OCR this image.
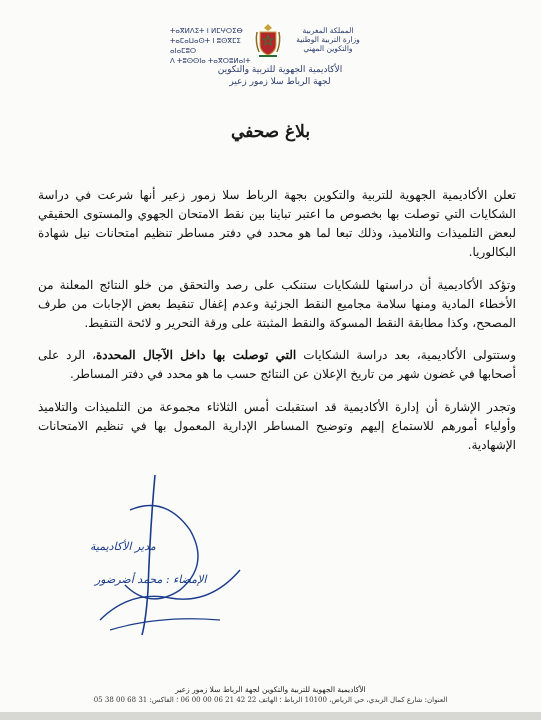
ⵜⴰⴳⵍⴷⵉⵜ ⵏ ⵍⵎⵖⵔⵉⴱ
ⵜⴰⵎⴰⵡⴰⵙⵜ ⵏ ⵓⵙⴳⵎⵉ ⴰⵏⴰⵎⵓⵔ
ⴷ ⵜⵓⵙⵙⵏⴰ ⵜⴰⴳⵔⵓⵍⴰⵏⵜ
المملكة المغربية
وزارة التربية الوطنية
والتكوين المهني
الأكاديمية الجهوية للتربية والتكوين
لجهة الرباط سلا زمور زعير
بلاغ صحفي
تعلن الأكاديمية الجهوية للتربية والتكوين بجهة الرباط سلا زمور زعير أنها شرعت في دراسة الشكايات التي توصلت بها بخصوص ما اعتبر تباينا بين نقط الامتحان الجهوي والمستوى الحقيقي لبعض التلميذات والتلاميذ، وذلك تبعا لما هو محدد في دفتر مساطر تنظيم امتحانات نيل شهادة البكالوريا.
وتؤكد الأكاديمية أن دراستها للشكايات ستنكب على رصد والتحقق من خلو النتائج المعلنة من الأخطاء المادية ومنها سلامة مجاميع النقط الجزئية وعدم إغفال تنقيط بعض الإجابات من طرف المصحح، وكذا مطابقة النقط المسوكة والنقط المثبتة على ورقة التحرير و لائحة التنقيط.
وستتولى الأكاديمية، بعد دراسة الشكايات التي توصلت بها داخل الآجال المحددة، الرد على أصحابها في غضون شهر من تاريخ الإعلان عن النتائج حسب ما هو محدد في دفتر المساطر.
وتجدر الإشارة أن إدارة الأكاديمية قد استقبلت أمس الثلاثاء مجموعة من التلميذات والتلاميذ وأولياء أمورهم للاستماع إليهم وتوضيح المساطر الإدارية المعمول بها في تنظيم الامتحانات الإشهادية.
مدير الأكاديمية
الإمضاء : محمد أضرضور
الأكاديمية الجهوية للتربية والتكوين لجهة الرباط سلا زمور زعير
العنوان: شارع كمال الزبدي، حي الرياض، 10100 الرباط ؛ الهاتف 22 42 21 06 00 00 06 ؛ الفاكس: 31 68 00 38 05
